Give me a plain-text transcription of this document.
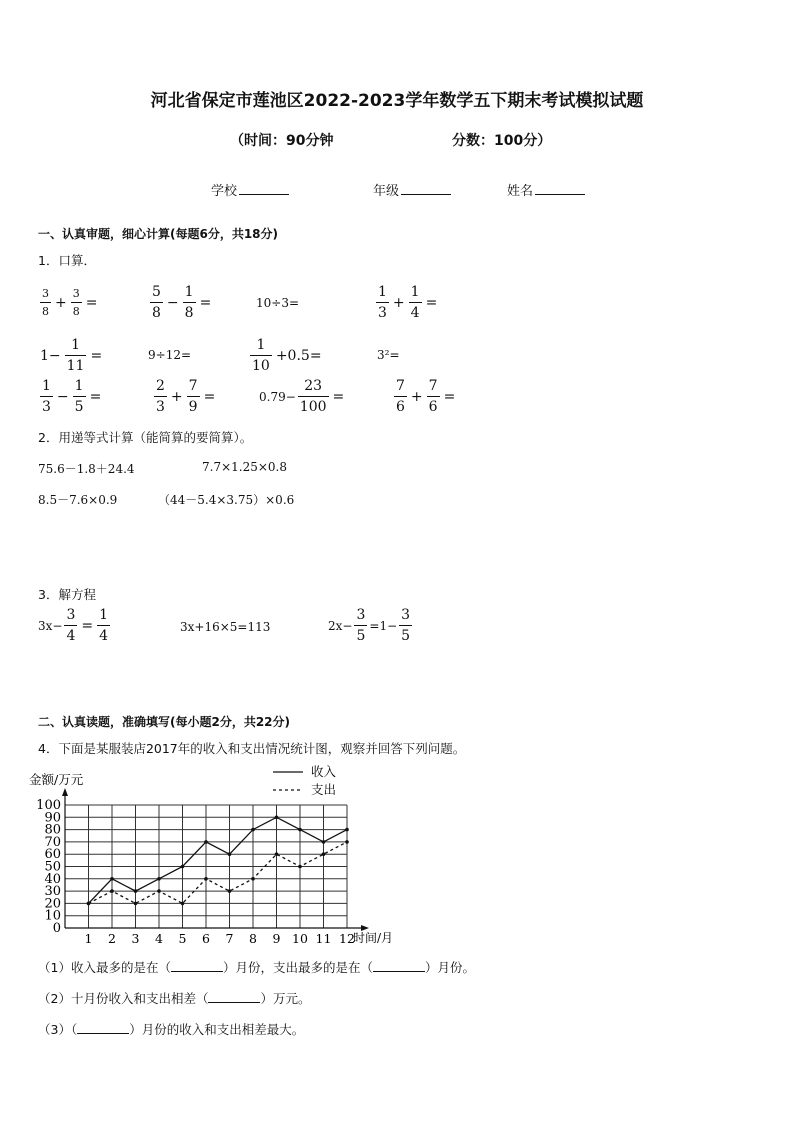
河北省保定市莲池区2022-2023学年数学五下期末考试模拟试题
（时间：90分钟	分数：100分）
学校	年级	姓名
一、认真审题，细心计算(每题6分，共18分)
1．口算．
$\frac{3}{8} + \frac{3}{8}$ =	$\frac{5}{8} - \frac{1}{8}$ =	10÷3=	$\frac{1}{3} + \frac{1}{4}$ =
$1- \frac{1}{11}$ =	9÷12=	$\frac{1}{10} +0.5=$	3²=
$\frac{1}{3} - \frac{1}{5}$ =	$\frac{2}{3} + \frac{7}{9}$ =	$0.79- \frac{23}{100}$ =	$\frac{7}{6} + \frac{7}{6}$ =
2．用递等式计算（能简算的要简算）。
75.6－1.8＋24.4	7.7×1.25×0.8
8.5－7.6×0.9	（44－5.4×3.75）×0.6
3．解方程
$3x- \frac{3}{4} = \frac{1}{4}$	3x+16×5=113	$2x- \frac{3}{5} =1- \frac{3}{5}$
二、认真读题，准确填写(每小题2分，共22分)
4．下面是某服装店2017年的收入和支出情况统计图，观察并回答下列问题。
0
10
20
30
40
50
60
70
80
90
100
1 2 3 4 5 6 7 8 9 10 11 12
收入
支出
金额/万元
时间/月
（1）收入最多的是在（	）月份，支出最多的是在（	）月份。
（2）十月份收入和支出相差（	）万元。
（3）（	）月份的收入和支出相差最大。
